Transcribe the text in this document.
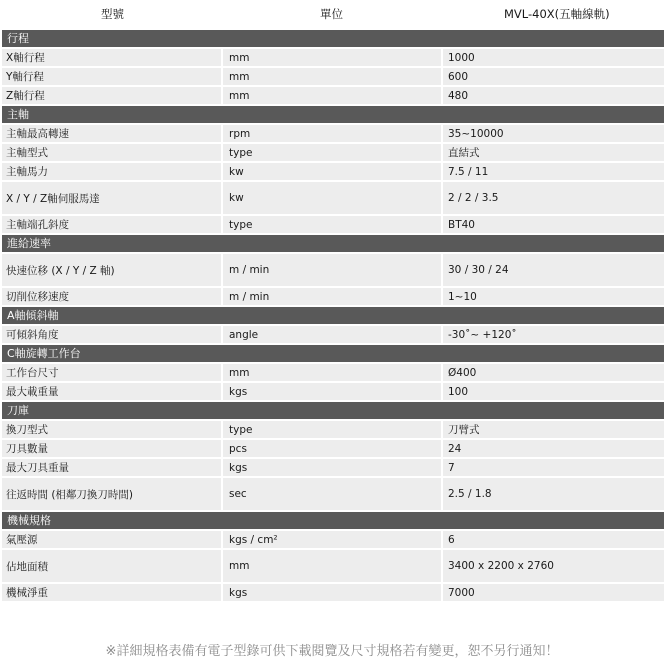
型號	單位	MVL-40X(五軸線軌)
行程
X軸行程	mm	1000
Y軸行程	mm	600
Z軸行程	mm	480
主軸
主軸最高轉速	rpm	35~10000
主軸型式	type	直結式
主軸馬力	kw	7.5 / 11
X / Y / Z軸伺服馬達	kw	2 / 2 / 3.5
主軸端孔斜度	type	BT40
進給速率
快速位移 (X / Y / Z 軸)	m / min	30 / 30 / 24
切削位移速度	m / min	1~10
A軸傾斜軸
可傾斜角度	angle	-30˚~ +120˚
C軸旋轉工作台
工作台尺寸	mm	Ø400
最大載重量	kgs	100
刀庫
換刀型式	type	刀臂式
刀具數量	pcs	24
最大刀具重量	kgs	7
往返時間 (相鄰刀換刀時間)	sec	2.5 / 1.8
機械規格
氣壓源	kgs / cm²	6
佔地面積	mm	3400 x 2200 x 2760
機械淨重	kgs	7000
※詳細規格表備有電子型錄可供下載閱覽及尺寸規格若有變更，恕不另行通知！
